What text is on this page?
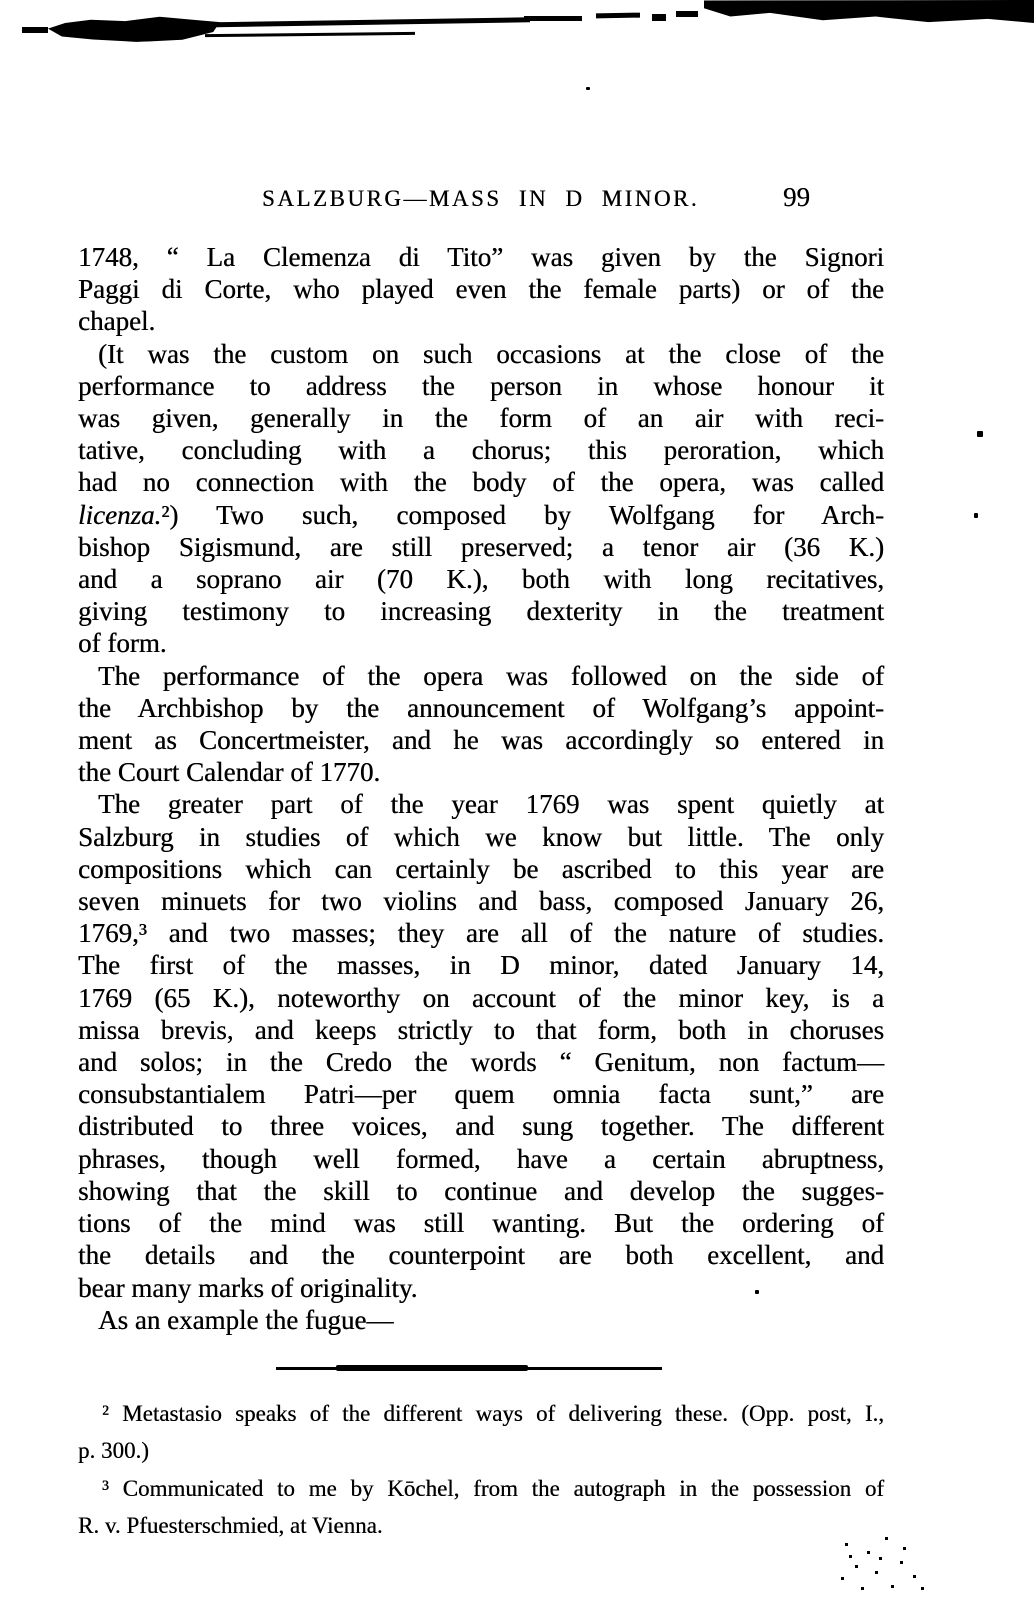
SALZBURG—MASS IN D MINOR.	99
1748, “ La Clemenza di Tito” was given by the Signori
Paggi di Corte, who played even the female parts) or of the
chapel.
(It was the custom on such occasions at the close of the
performance to address the person in whose honour it
was given, generally in the form of an air with reci-
tative, concluding with a chorus; this peroration, which
had no connection with the body of the opera, was called
licenza.²) Two such, composed by Wolfgang for Arch-
bishop Sigismund, are still preserved; a tenor air (36 K.)
and a soprano air (70 K.), both with long recitatives,
giving testimony to increasing dexterity in the treatment
of form.
The performance of the opera was followed on the side of
the Archbishop by the announcement of Wolfgang’s appoint-
ment as Concertmeister, and he was accordingly so entered in
the Court Calendar of 1770.
The greater part of the year 1769 was spent quietly at
Salzburg in studies of which we know but little. The only
compositions which can certainly be ascribed to this year are
seven minuets for two violins and bass, composed January 26,
1769,³ and two masses; they are all of the nature of studies.
The first of the masses, in D minor, dated January 14,
1769 (65 K.), noteworthy on account of the minor key, is a
missa brevis, and keeps strictly to that form, both in choruses
and solos; in the Credo the words “ Genitum, non factum—
consubstantialem Patri—per quem omnia facta sunt,” are
distributed to three voices, and sung together. The different
phrases, though well formed, have a certain abruptness,
showing that the skill to continue and develop the sugges-
tions of the mind was still wanting. But the ordering of
the details and the counterpoint are both excellent, and
bear many marks of originality.
As an example the fugue—
² Metastasio speaks of the different ways of delivering these. (Opp. post, I.,
p. 300.)
³ Communicated to me by Kōchel, from the autograph in the possession of
R. v. Pfuesterschmied, at Vienna.
